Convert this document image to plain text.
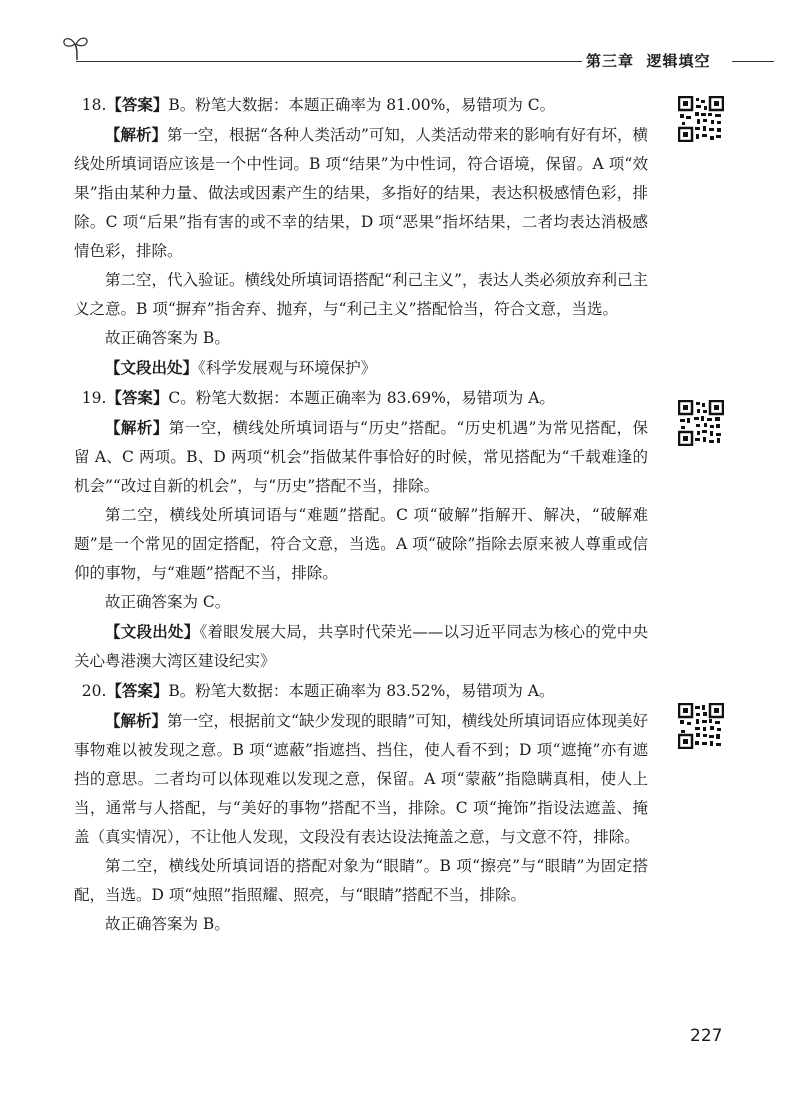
第三章 逻辑填空

18.【答案】B。粉笔大数据：本题正确率为 81.00%，易错项为 C。

【解析】第一空，根据“各种人类活动”可知，人类活动带来的影响有好有坏，横线处所填词语应该是一个中性词。B 项“结果”为中性词，符合语境，保留。A 项“效果”指由某种力量、做法或因素产生的结果，多指好的结果，表达积极感情色彩，排除。C 项“后果”指有害的或不幸的结果，D 项“恶果”指坏结果，二者均表达消极感情色彩，排除。

第二空，代入验证。横线处所填词语搭配“利己主义”，表达人类必须放弃利己主义之意。B 项“摒弃”指舍弃、抛弃，与“利己主义”搭配恰当，符合文意，当选。

故正确答案为 B。

【文段出处】《科学发展观与环境保护》

19.【答案】C。粉笔大数据：本题正确率为 83.69%，易错项为 A。

【解析】第一空，横线处所填词语与“历史”搭配。“历史机遇”为常见搭配，保留 A、C 两项。B、D 两项“机会”指做某件事恰好的时候，常见搭配为“千载难逢的机会”“改过自新的机会”，与“历史”搭配不当，排除。

第二空，横线处所填词语与“难题”搭配。C 项“破解”指解开、解决，“破解难题”是一个常见的固定搭配，符合文意，当选。A 项“破除”指除去原来被人尊重或信仰的事物，与“难题”搭配不当，排除。

故正确答案为 C。

【文段出处】《着眼发展大局，共享时代荣光——以习近平同志为核心的党中央关心粤港澳大湾区建设纪实》

20.【答案】B。粉笔大数据：本题正确率为 83.52%，易错项为 A。

【解析】第一空，根据前文“缺少发现的眼睛”可知，横线处所填词语应体现美好事物难以被发现之意。B 项“遮蔽”指遮挡、挡住，使人看不到；D 项“遮掩”亦有遮挡的意思。二者均可以体现难以发现之意，保留。A 项“蒙蔽”指隐瞒真相，使人上当，通常与人搭配，与“美好的事物”搭配不当，排除。C 项“掩饰”指设法遮盖、掩盖（真实情况），不让他人发现，文段没有表达设法掩盖之意，与文意不符，排除。

第二空，横线处所填词语的搭配对象为“眼睛”。B 项“擦亮”与“眼睛”为固定搭配，当选。D 项“烛照”指照耀、照亮，与“眼睛”搭配不当，排除。

故正确答案为 B。

227
